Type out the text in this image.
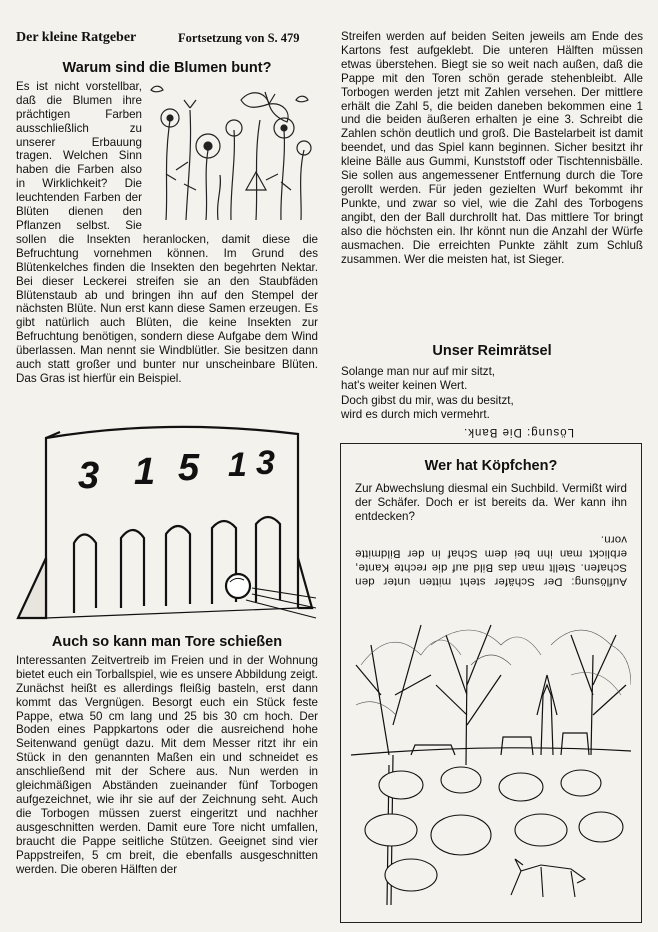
Der kleine Ratgeber	Fortsetzung von S. 479
Warum sind die Blumen bunt?

Es ist nicht vorstellbar, daß die Blumen ihre prächtigen Farben ausschließlich zu unserer Erbauung tragen. Welchen Sinn haben die Farben also in Wirklichkeit? Die leuchtenden Farben der Blüten dienen den Pflanzen selbst. Sie sollen die Insekten heranlocken, damit diese die Befruchtung vornehmen können. Im Grund des Blütenkelches finden die Insekten den begehrten Nektar. Bei dieser Leckerei streifen sie an den Staubfäden Blütenstaub ab und bringen ihn auf den Stempel der nächsten Blüte. Nun erst kann diese Samen erzeugen. Es gibt natürlich auch Blüten, die keine Insekten zur Befruchtung benötigen, sondern diese Aufgabe dem Wind überlassen. Man nennt sie Windblütler. Sie besitzen dann auch statt großer und bunter nur unscheinbare Blüten. Das Gras ist hierfür ein Beispiel.

3 1 5 1 3
Auch so kann man Tore schießen

Interessanten Zeitvertreib im Freien und in der Wohnung bietet euch ein Torballspiel, wie es unsere Abbildung zeigt. Zunächst heißt es allerdings fleißig basteln, erst dann kommt das Vergnügen. Besorgt euch ein Stück feste Pappe, etwa 50 cm lang und 25 bis 30 cm hoch. Der Boden eines Pappkartons oder die ausreichend hohe Seitenwand genügt dazu. Mit dem Messer ritzt ihr ein Stück in den genannten Maßen ein und schneidet es anschließend mit der Schere aus. Nun werden in gleichmäßigen Abständen zueinander fünf Torbogen aufgezeichnet, wie ihr sie auf der Zeichnung seht. Auch die Torbogen müssen zuerst eingeritzt und nachher ausgeschnitten werden. Damit eure Tore nicht umfallen, braucht die Pappe seitliche Stützen. Geeignet sind vier Pappstreifen, 5 cm breit, die ebenfalls ausgeschnitten werden. Die oberen Hälften der

Streifen werden auf beiden Seiten jeweils am Ende des Kartons fest aufgeklebt. Die unteren Hälften müssen etwas überstehen. Biegt sie so weit nach außen, daß die Pappe mit den Toren schön gerade stehenbleibt. Alle Torbogen werden jetzt mit Zahlen versehen. Der mittlere erhält die Zahl 5, die beiden daneben bekommen eine 1 und die beiden äußeren erhalten je eine 3. Schreibt die Zahlen schön deutlich und groß. Die Bastelarbeit ist damit beendet, und das Spiel kann beginnen. Sicher besitzt ihr kleine Bälle aus Gummi, Kunststoff oder Tischtennisbälle. Sie sollen aus angemessener Entfernung durch die Tore gerollt werden. Für jeden gezielten Wurf bekommt ihr Punkte, und zwar so viel, wie die Zahl des Torbogens angibt, den der Ball durchrollt hat. Das mittlere Tor bringt also die höchsten ein. Ihr könnt nun die Anzahl der Würfe ausmachen. Die erreichten Punkte zählt zum Schluß zusammen. Wer die meisten hat, ist Sieger.

Unser Reimrätsel
Solange man nur auf mir sitzt,
hat's weiter keinen Wert.
Doch gibst du mir, was du besitzt,
wird es durch mich vermehrt.
Lösung: Die Bank.
Wer hat Köpfchen?

Zur Abwechslung diesmal ein Suchbild. Vermißt wird der Schäfer. Doch er ist bereits da. Wer kann ihn entdecken?

Auflösung: Der Schäfer steht mitten unter den Schafen. Stellt man das Bild auf die rechte Kante, erblickt man ihn bei dem Schaf in der Bildmitte vorn.
